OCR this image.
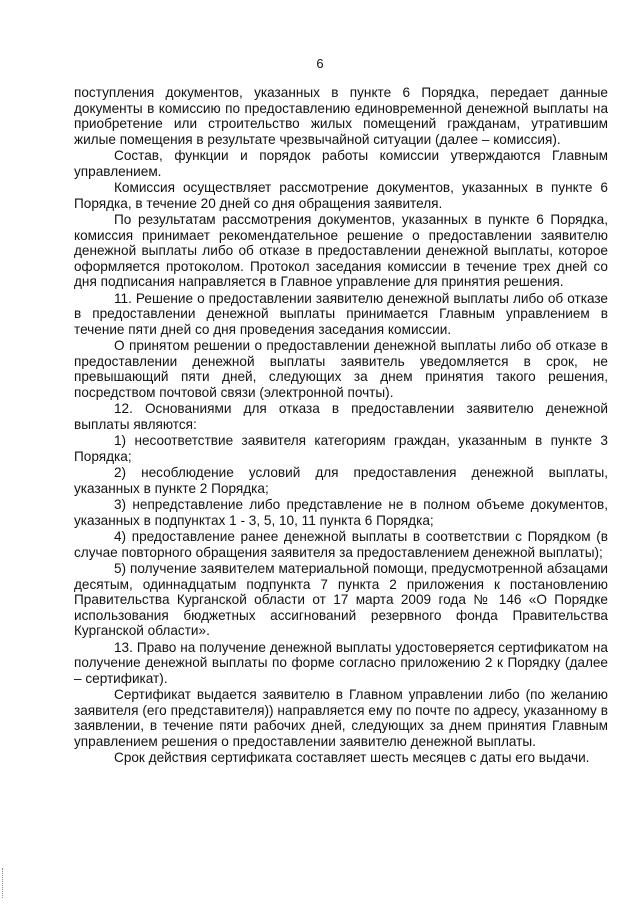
6

поступления документов, указанных в пункте 6 Порядка, передает данные документы в комиссию по предоставлению единовременной денежной выплаты на приобретение или строительство жилых помещений гражданам, утратившим жилые помещения в результате чрезвычайной ситуации (далее – комиссия).

Состав, функции и порядок работы комиссии утверждаются Главным управлением.

Комиссия осуществляет рассмотрение документов, указанных в пункте 6 Порядка, в течение 20 дней со дня обращения заявителя.

По результатам рассмотрения документов, указанных в пункте 6 Порядка, комиссия принимает рекомендательное решение о предоставлении заявителю денежной выплаты либо об отказе в предоставлении денежной выплаты, которое оформляется протоколом. Протокол заседания комиссии в течение трех дней со дня подписания направляется в Главное управление для принятия решения.

11. Решение о предоставлении заявителю денежной выплаты либо об отказе в предоставлении денежной выплаты принимается Главным управлением в течение пяти дней со дня проведения заседания комиссии.

О принятом решении о предоставлении денежной выплаты либо об отказе в предоставлении денежной выплаты заявитель уведомляется в срок, не превышающий пяти дней, следующих за днем принятия такого решения, посредством почтовой связи (электронной почты).

12. Основаниями для отказа в предоставлении заявителю денежной выплаты являются:

1) несоответствие заявителя категориям граждан, указанным в пункте 3 Порядка;

2) несоблюдение условий для предоставления денежной выплаты, указанных в пункте 2 Порядка;

3) непредставление либо представление не в полном объеме документов, указанных в подпунктах 1 - 3, 5, 10, 11 пункта 6 Порядка;

4) предоставление ранее денежной выплаты в соответствии с Порядком (в случае повторного обращения заявителя за предоставлением денежной выплаты);

5) получение заявителем материальной помощи, предусмотренной абзацами десятым, одиннадцатым подпункта 7 пункта 2 приложения к постановлению Правительства Курганской области от 17 марта 2009 года № 146 «О Порядке использования бюджетных ассигнований резервного фонда Правительства Курганской области».

13. Право на получение денежной выплаты удостоверяется сертификатом на получение денежной выплаты по форме согласно приложению 2 к Порядку (далее – сертификат).

Сертификат выдается заявителю в Главном управлении либо (по желанию заявителя (его представителя)) направляется ему по почте по адресу, указанному в заявлении, в течение пяти рабочих дней, следующих за днем принятия Главным управлением решения о предоставлении заявителю денежной выплаты.

Срок действия сертификата составляет шесть месяцев с даты его выдачи.
